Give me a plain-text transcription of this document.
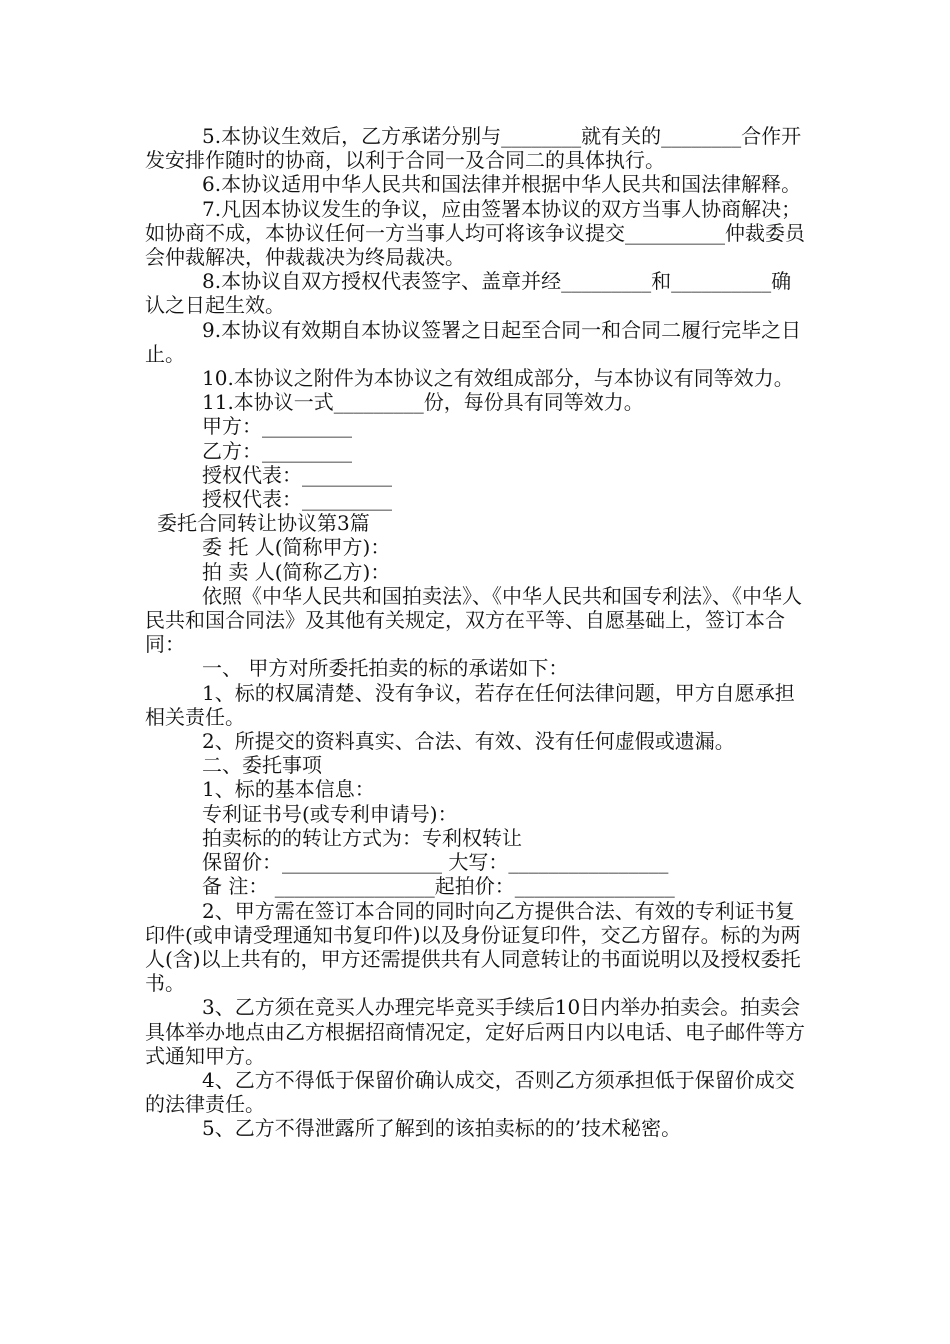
5.本协议生效后，乙方承诺分别与________就有关的________合作开发安排作随时的协商，以利于合同一及合同二的具体执行。

6.本协议适用中华人民共和国法律并根据中华人民共和国法律解释。

7.凡因本协议发生的争议，应由签署本协议的双方当事人协商解决；如协商不成，本协议任何一方当事人均可将该争议提交__________仲裁委员会仲裁解决，仲裁裁决为终局裁决。

8.本协议自双方授权代表签字、盖章并经_________和__________确认之日起生效。

9.本协议有效期自本协议签署之日起至合同一和合同二履行完毕之日止。

10.本协议之附件为本协议之有效组成部分，与本协议有同等效力。

11.本协议一式_________份，每份具有同等效力。

甲方：_________

乙方：_________

授权代表：_________

授权代表：_________

委托合同转让协议第3篇

委 托 人(简称甲方)：

拍 卖 人(简称乙方)：

依照《中华人民共和国拍卖法》、《中华人民共和国专利法》、《中华人民共和国合同法》及其他有关规定，双方在平等、自愿基础上，签订本合同：

一、 甲方对所委托拍卖的标的承诺如下：

1、标的权属清楚、没有争议，若存在任何法律问题，甲方自愿承担相关责任。

2、所提交的资料真实、合法、有效、没有任何虚假或遗漏。

二、委托事项

1、标的基本信息：

专利证书号(或专利申请号)：

拍卖标的的转让方式为：专利权转让

保留价：________________ 大写：________________

备 注： ________________起拍价：________________

2、甲方需在签订本合同的同时向乙方提供合法、有效的专利证书复印件(或申请受理通知书复印件)以及身份证复印件，交乙方留存。标的为两人(含)以上共有的，甲方还需提供共有人同意转让的书面说明以及授权委托书。

3、乙方须在竞买人办理完毕竞买手续后10日内举办拍卖会。拍卖会具体举办地点由乙方根据招商情况定，定好后两日内以电话、电子邮件等方式通知甲方。

4、乙方不得低于保留价确认成交，否则乙方须承担低于保留价成交的法律责任。

5、乙方不得泄露所了解到的该拍卖标的的’技术秘密。
